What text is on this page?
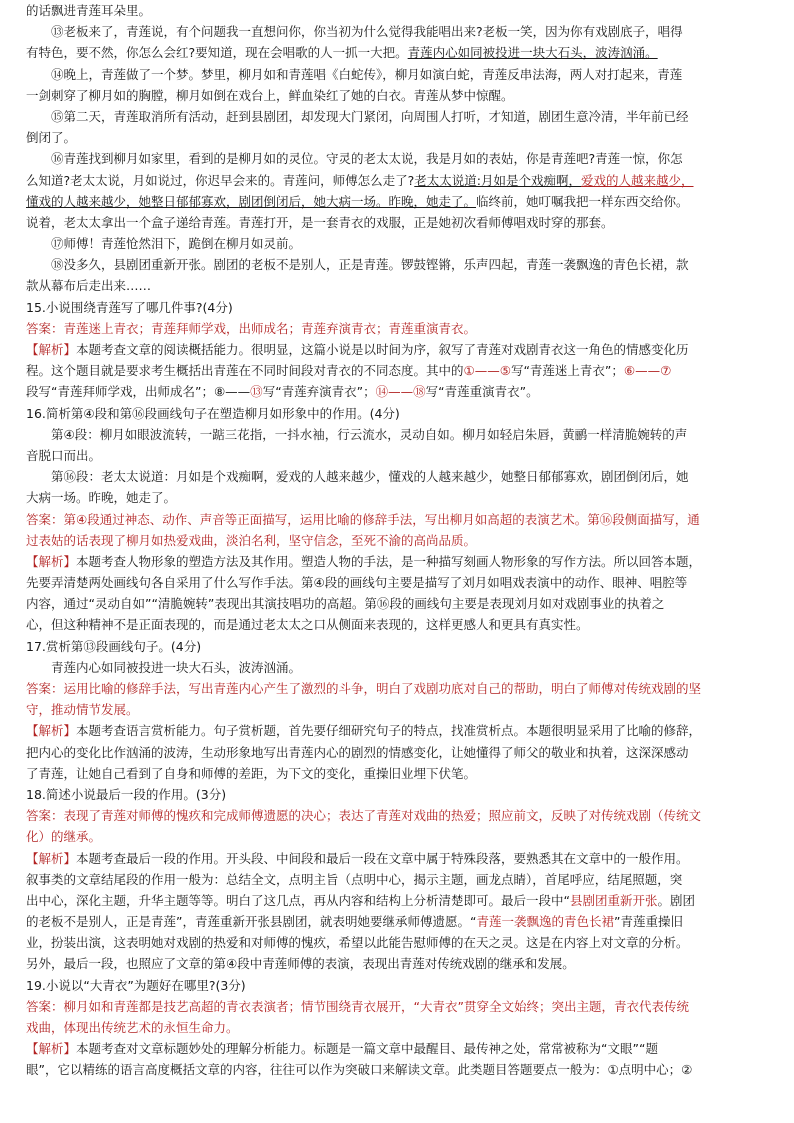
的话飘进青莲耳朵里。
⑬老板来了，青莲说，有个问题我一直想问你，你当初为什么觉得我能唱出来?老板一笑，因为你有戏剧底子，唱得
有特色，要不然，你怎么会红?要知道，现在会唱歌的人一抓一大把。青莲内心如同被投进一块大石头，波涛汹涌。
⑭晚上，青莲做了一个梦。梦里，柳月如和青莲唱《白蛇传》，柳月如演白蛇，青莲反串法海，两人对打起来，青莲
一剑刺穿了柳月如的胸膛，柳月如倒在戏台上，鲜血染红了她的白衣。青莲从梦中惊醒。
⑮第二天，青莲取消所有活动，赶到县剧团，却发现大门紧闭，向周围人打听，才知道，剧团生意冷清，半年前已经
倒闭了。
⑯青莲找到柳月如家里，看到的是柳月如的灵位。守灵的老太太说，我是月如的表姑，你是青莲吧?青莲一惊，你怎
么知道?老太太说，月如说过，你迟早会来的。青莲问，师傅怎么走了?老太太说道:月如是个戏痴啊，爱戏的人越来越少，
懂戏的人越来越少，她整日郁郁寡欢，剧团倒闭后，她大病一场。昨晚，她走了。临终前，她叮嘱我把一样东西交给你。
说着，老太太拿出一个盒子递给青莲。青莲打开，是一套青衣的戏服，正是她初次看师傅唱戏时穿的那套。
⑰师傅！青莲怆然泪下，跪倒在柳月如灵前。
⑱没多久，县剧团重新开张。剧团的老板不是别人，正是青莲。锣鼓铿锵，乐声四起，青莲一袭飘逸的青色长裙，款
款从幕布后走出来……
15.小说围绕青莲写了哪几件事?(4分)
答案：青莲迷上青衣；青莲拜师学戏，出师成名；青莲弃演青衣；青莲重演青衣。
【解析】本题考查文章的阅读概括能力。很明显，这篇小说是以时间为序，叙写了青莲对戏剧青衣这一角色的情感变化历
程。这个题目就是要求考生概括出青莲在不同时间段对青衣的不同态度。其中的①——⑤写“青莲迷上青衣”；⑥——⑦
段写“青莲拜师学戏，出师成名”；⑧——⑬写“青莲弃演青衣”；⑭——⑱写“青莲重演青衣”。
16.简析第④段和第⑯段画线句子在塑造柳月如形象中的作用。(4分)
第④段：柳月如眼波流转，一踮三花指，一抖水袖，行云流水，灵动自如。柳月如轻启朱唇，黄鹂一样清脆婉转的声
音脱口而出。
第⑯段：老太太说道：月如是个戏痴啊，爱戏的人越来越少，懂戏的人越来越少，她整日郁郁寡欢，剧团倒闭后，她
大病一场。昨晚，她走了。
答案：第④段通过神态、动作、声音等正面描写，运用比喻的修辞手法，写出柳月如高超的表演艺术。第⑯段侧面描写，通
过表姑的话表现了柳月如热爱戏曲，淡泊名利，坚守信念，至死不渝的高尚品质。
【解析】本题考查人物形象的塑造方法及其作用。塑造人物的手法，是一种描写刻画人物形象的写作方法。所以回答本题，
先要弄清楚两处画线句各自采用了什么写作手法。第④段的画线句主要是描写了刘月如唱戏表演中的动作、眼神、唱腔等
内容，通过“灵动自如”“清脆婉转”表现出其演技唱功的高超。第⑯段的画线句主要是表现刘月如对戏剧事业的执着之
心，但这种精神不是正面表现的，而是通过老太太之口从侧面来表现的，这样更感人和更具有真实性。
17.赏析第⑬段画线句子。(4分)
青莲内心如同被投进一块大石头，波涛汹涌。
答案：运用比喻的修辞手法，写出青莲内心产生了激烈的斗争，明白了戏剧功底对自己的帮助，明白了师傅对传统戏剧的坚
守，推动情节发展。
【解析】本题考查语言赏析能力。句子赏析题，首先要仔细研究句子的特点，找准赏析点。本题很明显采用了比喻的修辞，
把内心的变化比作汹涌的波涛，生动形象地写出青莲内心的剧烈的情感变化，让她懂得了师父的敬业和执着，这深深感动
了青莲，让她自己看到了自身和师傅的差距，为下文的变化，重操旧业埋下伏笔。
18.简述小说最后一段的作用。(3分)
答案：表现了青莲对师傅的愧疚和完成师傅遗愿的决心；表达了青莲对戏曲的热爱；照应前文，反映了对传统戏剧（传统文
化）的继承。
【解析】本题考查最后一段的作用。开头段、中间段和最后一段在文章中属于特殊段落，要熟悉其在文章中的一般作用。
叙事类的文章结尾段的作用一般为：总结全文，点明主旨（点明中心，揭示主题，画龙点睛），首尾呼应，结尾照题，突
出中心，深化主题，升华主题等等。明白了这几点，再从内容和结构上分析清楚即可。最后一段中“县剧团重新开张。剧团
的老板不是别人，正是青莲”，青莲重新开张县剧团，就表明她要继承师傅遗愿。“青莲一袭飘逸的青色长裙”青莲重操旧
业，扮装出演，这表明她对戏剧的热爱和对师傅的愧疚，希望以此能告慰师傅的在天之灵。这是在内容上对文章的分析。
另外，最后一段，也照应了文章的第④段中青莲师傅的表演，表现出青莲对传统戏剧的继承和发展。
19.小说以“大青衣”为题好在哪里?(3分)
答案：柳月如和青莲都是技艺高超的青衣表演者；情节围绕青衣展开，“大青衣”贯穿全文始终；突出主题，青衣代表传统
戏曲，体现出传统艺术的永恒生命力。
【解析】本题考查对文章标题妙处的理解分析能力。标题是一篇文章中最醒目、最传神之处，常常被称为“文眼”“题
眼”，它以精练的语言高度概括文章的内容，往往可以作为突破口来解读文章。此类题目答题要点一般为：①点明中心；②
